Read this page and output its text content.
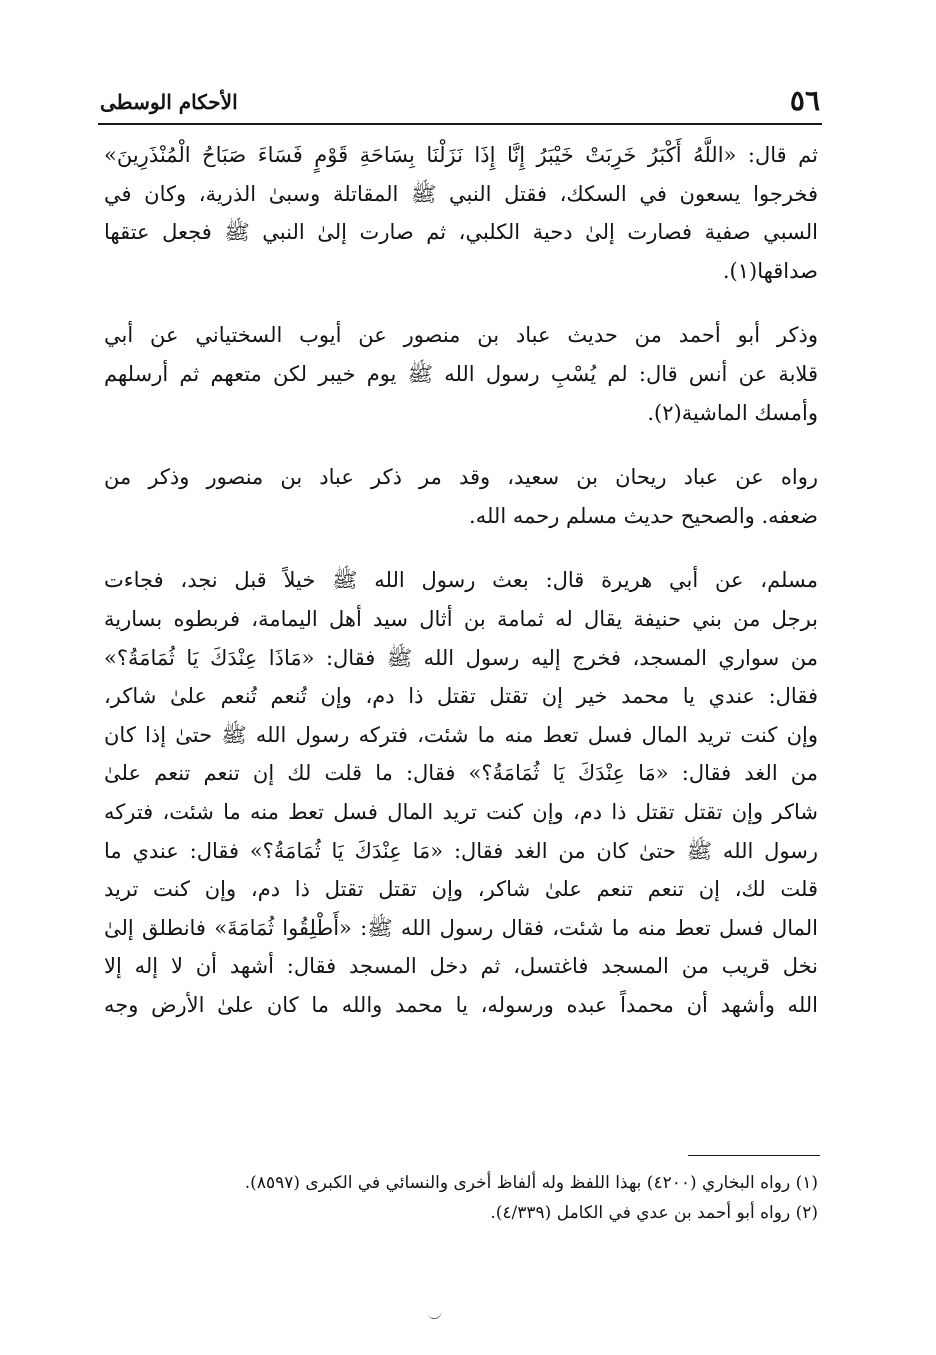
٥٦
الأحكام الوسطى

ثم قال: «اللَّهُ أَكْبَرُ خَرِبَتْ خَيْبَرُ إِنَّا إِذَا نَزَلْنَا بِسَاحَةِ قَوْمٍ فَسَاءَ صَبَاحُ الْمُنْذَرِينَ»
فخرجوا يسعون في السكك، فقتل النبي ﷺ المقاتلة وسبىٰ الذرية، وكان في
السبي صفية فصارت إلىٰ دحية الكلبي، ثم صارت إلىٰ النبي ﷺ فجعل عتقها
صداقها(١).

وذكر أبو أحمد من حديث عباد بن منصور عن أيوب السختياني عن أبي
قلابة عن أنس قال: لم يُسْبِ رسول الله ﷺ يوم خيبر لكن متعهم ثم أرسلهم
وأمسك الماشية(٢).

رواه عن عباد ريحان بن سعيد، وقد مر ذكر عباد بن منصور وذكر من
ضعفه. والصحيح حديث مسلم رحمه الله.

مسلم، عن أبي هريرة قال: بعث رسول الله ﷺ خيلاً قبل نجد، فجاءت
برجل من بني حنيفة يقال له ثمامة بن أثال سيد أهل اليمامة، فربطوه بسارية
من سواري المسجد، فخرج إليه رسول الله ﷺ فقال: «مَاذَا عِنْدَكَ يَا ثُمَامَةُ؟»
فقال: عندي يا محمد خير إن تقتل تقتل ذا دم، وإن تُنعم تُنعم علىٰ شاكر،
وإن كنت تريد المال فسل تعط منه ما شئت، فتركه رسول الله ﷺ حتىٰ إذا كان
من الغد فقال: «مَا عِنْدَكَ يَا ثُمَامَةُ؟» فقال: ما قلت لك إن تنعم تنعم علىٰ
شاكر وإن تقتل تقتل ذا دم، وإن كنت تريد المال فسل تعط منه ما شئت، فتركه
رسول الله ﷺ حتىٰ كان من الغد فقال: «مَا عِنْدَكَ يَا ثُمَامَةُ؟» فقال: عندي ما
قلت لك، إن تنعم تنعم علىٰ شاكر، وإن تقتل تقتل ذا دم، وإن كنت تريد
المال فسل تعط منه ما شئت، فقال رسول الله ﷺ: «أَطْلِقُوا ثُمَامَةَ» فانطلق إلىٰ
نخل قريب من المسجد فاغتسل، ثم دخل المسجد فقال: أشهد أن لا إله إلا
الله وأشهد أن محمداً عبده ورسوله، يا محمد والله ما كان علىٰ الأرض وجه

(١) رواه البخاري (٤٢٠٠) بهذا اللفظ وله ألفاظ أخرى والنسائي في الكبرى (٨٥٩٧).

(٢) رواه أبو أحمد بن عدي في الكامل (٤/٣٣٩).
